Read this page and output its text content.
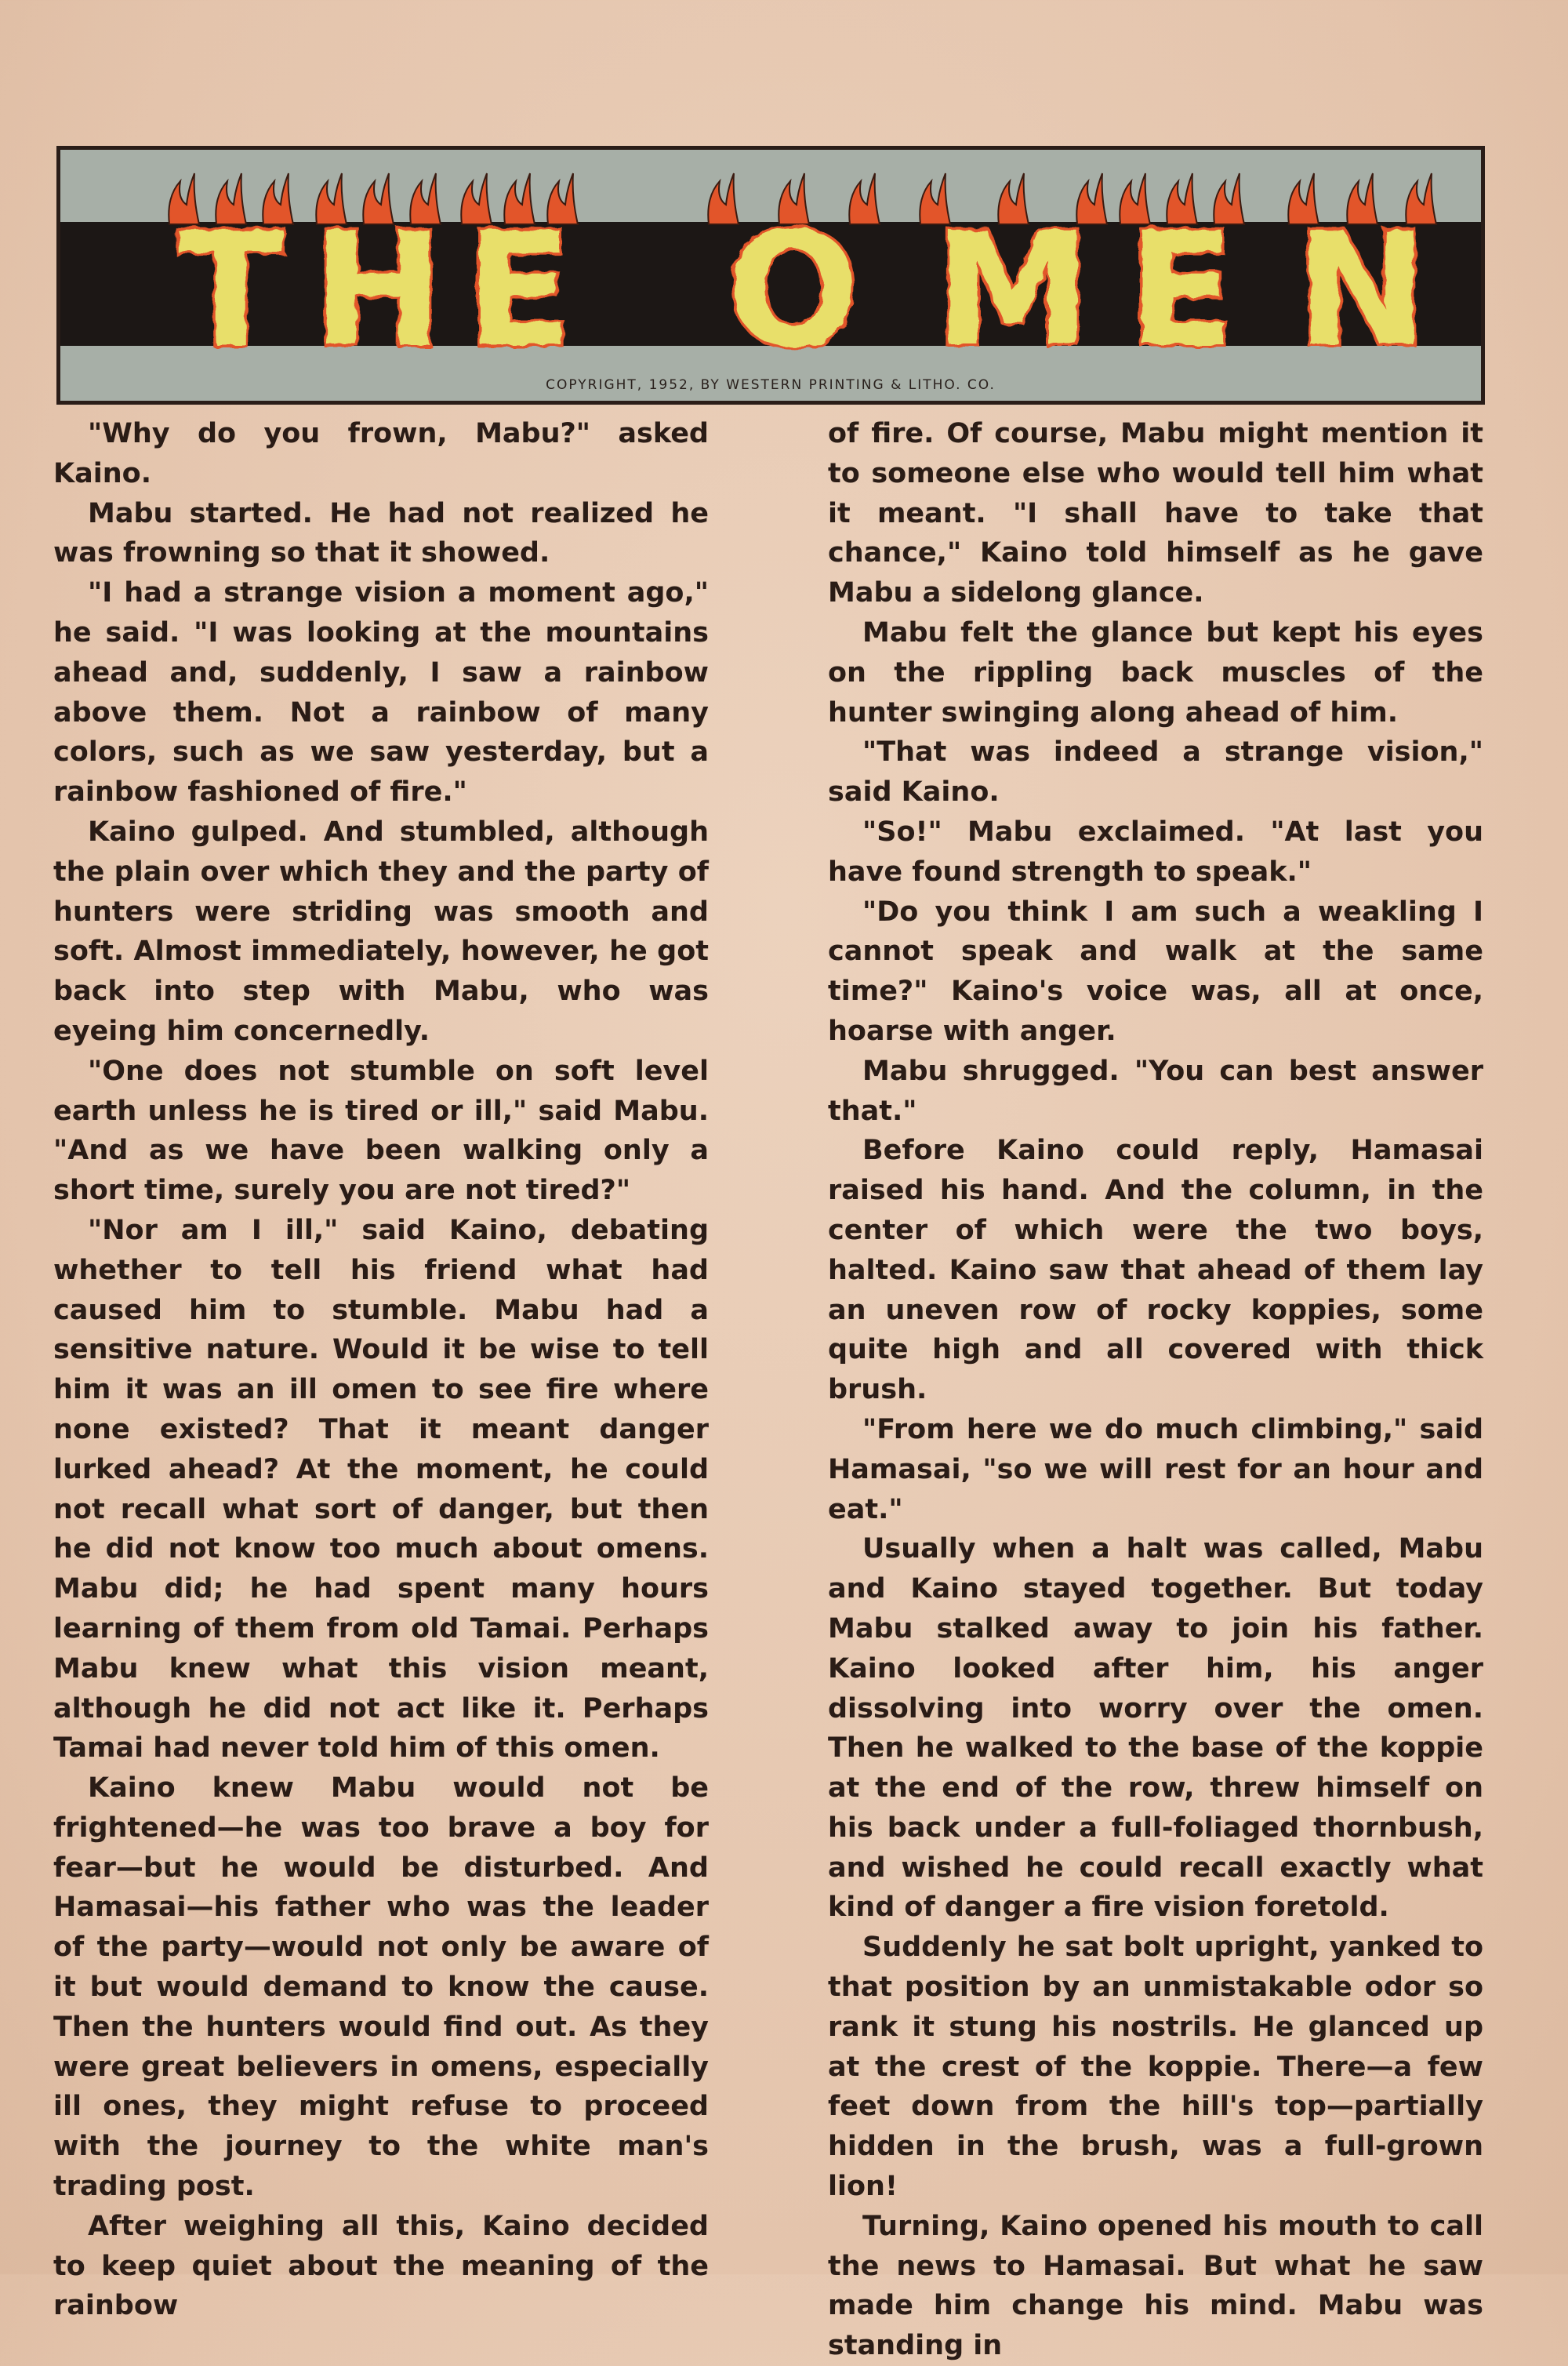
T H E O M E N
COPYRIGHT, 1952, BY WESTERN PRINTING & LITHO. CO.

"Why do you frown, Mabu?" asked Kaino.

Mabu started. He had not realized he was frowning so that it showed.

"I had a strange vision a moment ago," he said. "I was looking at the mountains ahead and, suddenly, I saw a rainbow above them. Not a rainbow of many colors, such as we saw yesterday, but a rainbow fashioned of fire."

Kaino gulped. And stumbled, although the plain over which they and the party of hunters were striding was smooth and soft. Almost immediately, however, he got back into step with Mabu, who was eyeing him concernedly.

"One does not stumble on soft level earth unless he is tired or ill," said Mabu. "And as we have been walking only a short time, surely you are not tired?"

"Nor am I ill," said Kaino, debating whether to tell his friend what had caused him to stumble. Mabu had a sensitive nature. Would it be wise to tell him it was an ill omen to see fire where none existed? That it meant danger lurked ahead? At the moment, he could not recall what sort of danger, but then he did not know too much about omens. Mabu did; he had spent many hours learning of them from old Tamai. Perhaps Mabu knew what this vision meant, although he did not act like it. Perhaps Tamai had never told him of this omen.

Kaino knew Mabu would not be frightened—he was too brave a boy for fear—but he would be disturbed. And Hamasai—his father who was the leader of the party—would not only be aware of it but would demand to know the cause. Then the hunters would find out. As they were great believers in omens, especially ill ones, they might refuse to proceed with the journey to the white man's trading post.

After weighing all this, Kaino decided to keep quiet about the meaning of the rainbow

of fire. Of course, Mabu might mention it to someone else who would tell him what it meant. "I shall have to take that chance," Kaino told himself as he gave Mabu a sidelong glance.

Mabu felt the glance but kept his eyes on the rippling back muscles of the hunter swinging along ahead of him.

"That was indeed a strange vision," said Kaino.

"So!" Mabu exclaimed. "At last you have found strength to speak."

"Do you think I am such a weakling I cannot speak and walk at the same time?" Kaino's voice was, all at once, hoarse with anger.

Mabu shrugged. "You can best answer that."

Before Kaino could reply, Hamasai raised his hand. And the column, in the center of which were the two boys, halted. Kaino saw that ahead of them lay an uneven row of rocky koppies, some quite high and all covered with thick brush.

"From here we do much climbing," said Hamasai, "so we will rest for an hour and eat."

Usually when a halt was called, Mabu and Kaino stayed together. But today Mabu stalked away to join his father. Kaino looked after him, his anger dissolving into worry over the omen. Then he walked to the base of the koppie at the end of the row, threw himself on his back under a full-foliaged thornbush, and wished he could recall exactly what kind of danger a fire vision foretold.

Suddenly he sat bolt upright, yanked to that position by an unmistakable odor so rank it stung his nostrils. He glanced up at the crest of the koppie. There—a few feet down from the hill's top—partially hidden in the brush, was a full-grown lion!

Turning, Kaino opened his mouth to call the news to Hamasai. But what he saw made him change his mind. Mabu was standing in
